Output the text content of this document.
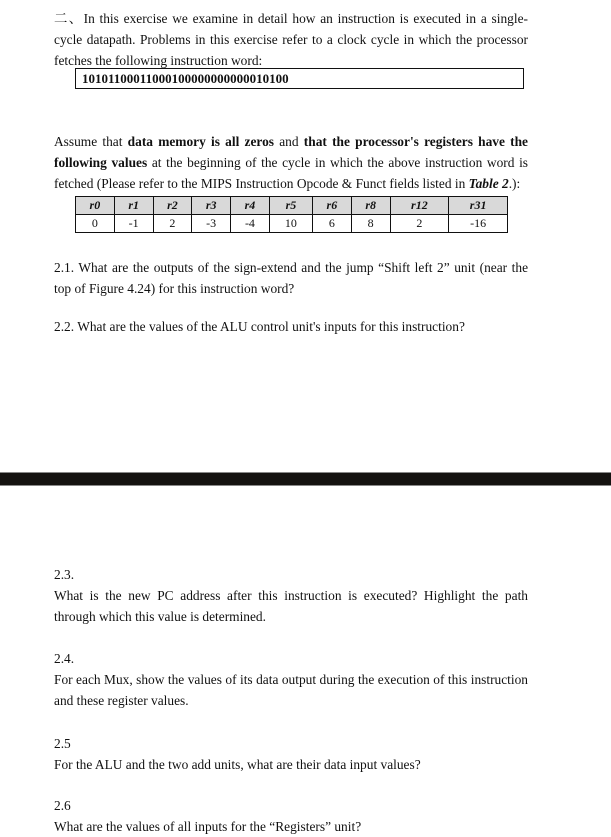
二、In this exercise we examine in detail how an instruction is executed in a single-cycle datapath. Problems in this exercise refer to a clock cycle in which the processor fetches the following instruction word:
10101100011000100000000000010100
Assume that data memory is all zeros and that the processor's registers have the following values at the beginning of the cycle in which the above instruction word is fetched (Please refer to the MIPS Instruction Opcode & Funct fields listed in Table 2.):
r0	r1	r2	r3	r4	r5	r6	r8	r12	r31
0	-1	2	-3	-4	10	6	8	2	-16
2.1. What are the outputs of the sign-extend and the jump “Shift left 2” unit (near the top of Figure 4.24) for this instruction word?
2.2. What are the values of the ALU control unit's inputs for this instruction?
2.3.
What is the new PC address after this instruction is executed? Highlight the path through which this value is determined.
2.4.
For each Mux, show the values of its data output during the execution of this instruction and these register values.
2.5
For the ALU and the two add units, what are their data input values?
2.6
What are the values of all inputs for the “Registers” unit?
